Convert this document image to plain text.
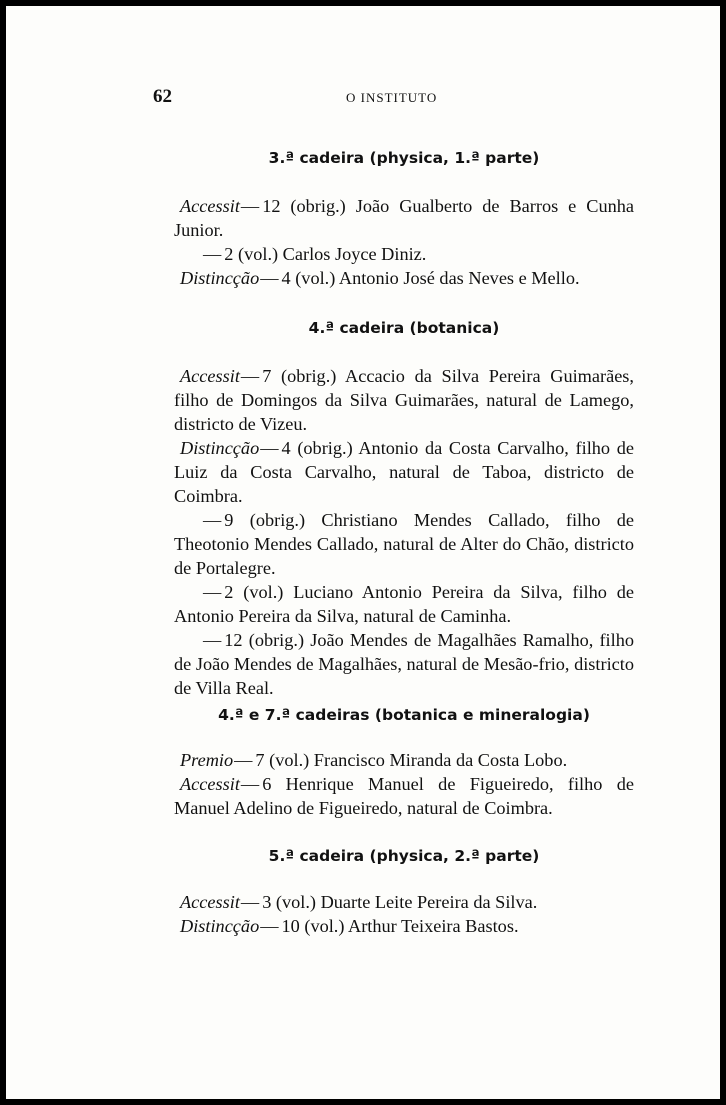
62	O INSTITUTO
3.ª cadeira (physica, 1.ª parte)

Accessit— 12 (obrig.) João Gualberto de Barros e Cunha Junior.

— 2 (vol.) Carlos Joyce Diniz.

Distincção— 4 (vol.) Antonio José das Neves e Mello.

4.ª cadeira (botanica)

Accessit— 7 (obrig.) Accacio da Silva Pereira Guimarães, filho de Domingos da Silva Guimarães, natural de Lamego, districto de Vizeu.

Distincção— 4 (obrig.) Antonio da Costa Carvalho, filho de Luiz da Costa Carvalho, natural de Taboa, districto de Coimbra.

— 9 (obrig.) Christiano Mendes Callado, filho de Theotonio Mendes Callado, natural de Alter do Chão, districto de Portalegre.

— 2 (vol.) Luciano Antonio Pereira da Silva, filho de Antonio Pereira da Silva, natural de Caminha.

— 12 (obrig.) João Mendes de Magalhães Ramalho, filho de João Mendes de Magalhães, natural de Mesão-frio, districto de Villa Real.

4.ª e 7.ª cadeiras (botanica e mineralogia)

Premio— 7 (vol.) Francisco Miranda da Costa Lobo.

Accessit— 6 Henrique Manuel de Figueiredo, filho de Manuel Adelino de Figueiredo, natural de Coimbra.

5.ª cadeira (physica, 2.ª parte)

Accessit— 3 (vol.) Duarte Leite Pereira da Silva.

Distincção— 10 (vol.) Arthur Teixeira Bastos.
